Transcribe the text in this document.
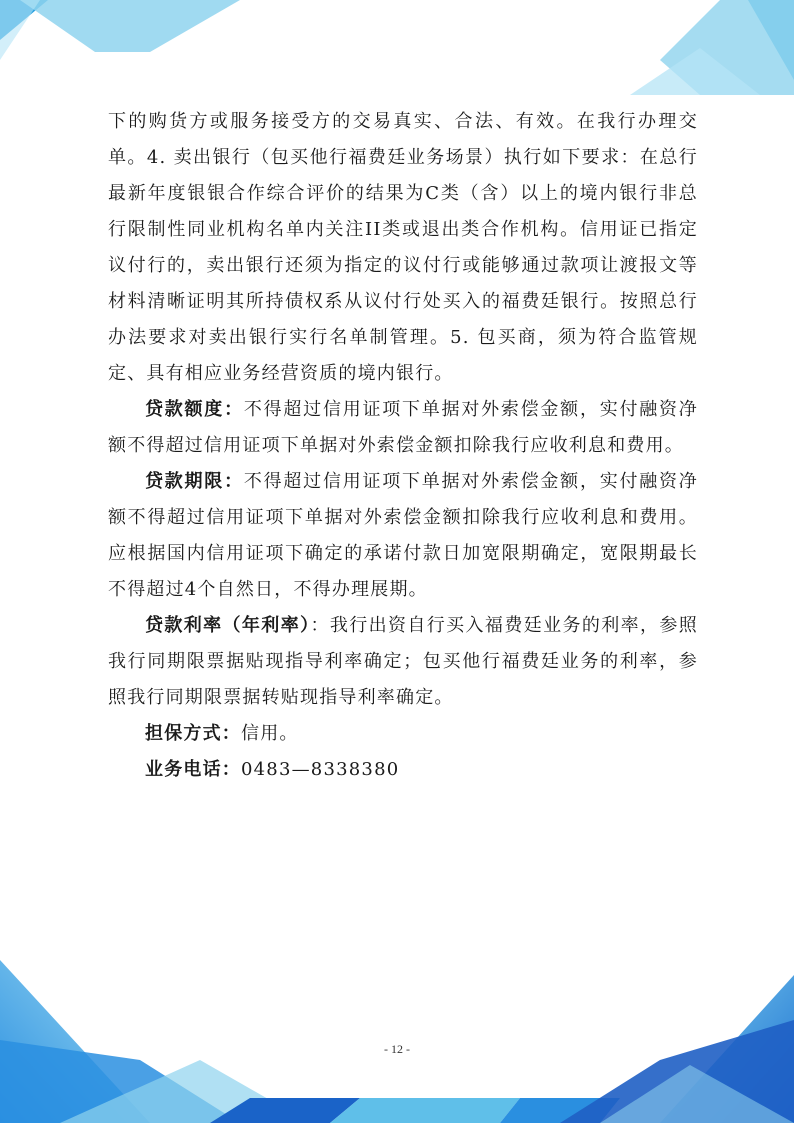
下的购货方或服务接受方的交易真实、合法、有效。在我行办理交单。4. 卖出银行（包买他行福费廷业务场景）执行如下要求：在总行最新年度银银合作综合评价的结果为C类（含）以上的境内银行非总行限制性同业机构名单内关注II类或退出类合作机构。信用证已指定议付行的，卖出银行还须为指定的议付行或能够通过款项让渡报文等材料清晰证明其所持债权系从议付行处买入的福费廷银行。按照总行办法要求对卖出银行实行名单制管理。5. 包买商，须为符合监管规定、具有相应业务经营资质的境内银行。

贷款额度：不得超过信用证项下单据对外索偿金额，实付融资净额不得超过信用证项下单据对外索偿金额扣除我行应收利息和费用。

贷款期限：不得超过信用证项下单据对外索偿金额，实付融资净额不得超过信用证项下单据对外索偿金额扣除我行应收利息和费用。应根据国内信用证项下确定的承诺付款日加宽限期确定，宽限期最长不得超过4个自然日，不得办理展期。

贷款利率（年利率）：我行出资自行买入福费廷业务的利率，参照我行同期限票据贴现指导利率确定；包买他行福费廷业务的利率，参照我行同期限票据转贴现指导利率确定。

担保方式：信用。

业务电话：0483—8338380

- 12 -
